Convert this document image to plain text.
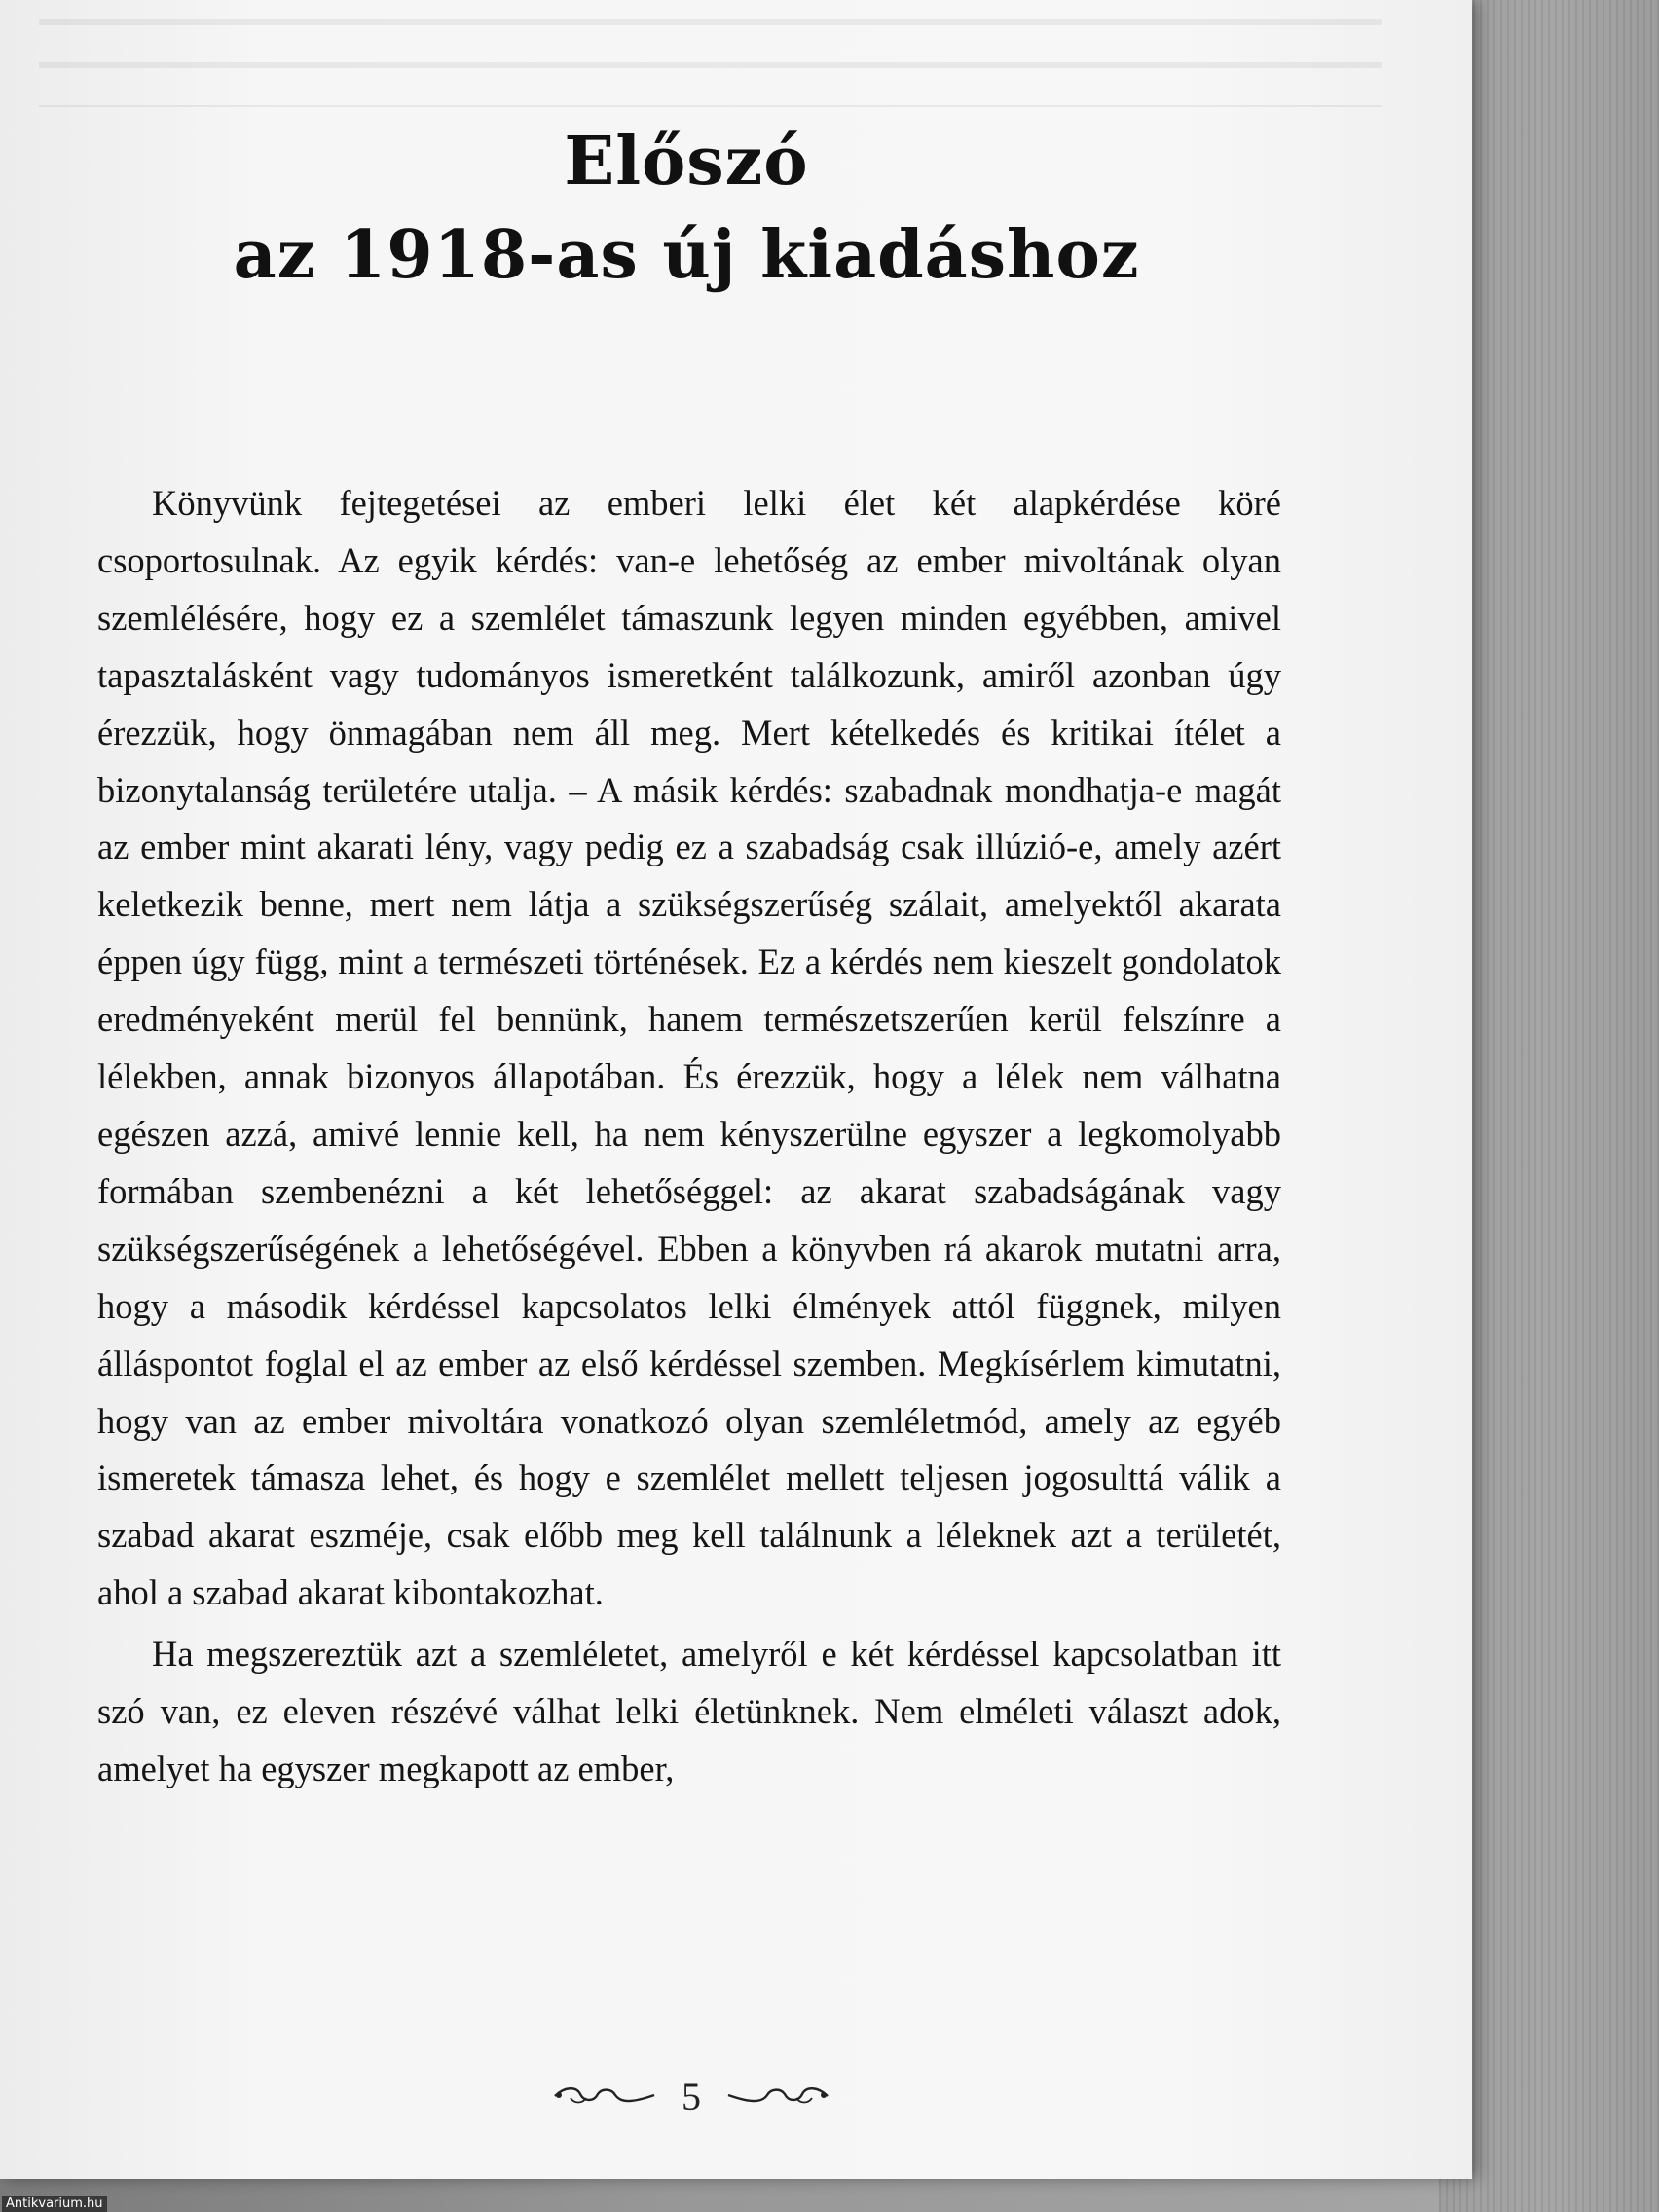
Előszó
az 1918-as új kiadáshoz

Könyvünk fejtegetései az emberi lelki élet két alapkérdése köré csoportosulnak. Az egyik kérdés: van-e lehetőség az ember mivoltának olyan szemlélésére, hogy ez a szemlélet támaszunk legyen minden egyébben, amivel tapasztalásként vagy tudományos ismeretként találkozunk, amiről azonban úgy érezzük, hogy önmagában nem áll meg. Mert kételkedés és kritikai ítélet a bizonytalanság területére utalja. – A másik kérdés: szabadnak mondhatja-e magát az ember mint akarati lény, vagy pedig ez a szabadság csak illúzió-e, amely azért keletkezik benne, mert nem látja a szükségszerűség szálait, amelyektől akarata éppen úgy függ, mint a természeti történések. Ez a kérdés nem kieszelt gondolatok eredményeként merül fel bennünk, hanem természetszerűen kerül felszínre a lélekben, annak bizonyos állapotában. És érezzük, hogy a lélek nem válhatna egészen azzá, amivé lennie kell, ha nem kényszerülne egyszer a legkomolyabb formában szembenézni a két lehetőséggel: az akarat szabadságának vagy szükségszerűségének a lehetőségével. Ebben a könyvben rá akarok mutatni arra, hogy a második kérdéssel kapcsolatos lelki élmények attól függnek, milyen álláspontot foglal el az ember az első kérdéssel szemben. Megkísérlem kimutatni, hogy van az ember mivoltára vonatkozó olyan szemléletmód, amely az egyéb ismeretek támasza lehet, és hogy e szemlélet mellett teljesen jogosulttá válik a szabad akarat eszméje, csak előbb meg kell találnunk a léleknek azt a területét, ahol a szabad akarat kibontakozhat.

Ha megszereztük azt a szemléletet, amelyről e két kérdéssel kapcsolatban itt szó van, ez eleven részévé válhat lelki életünknek. Nem elméleti választ adok, amelyet ha egyszer megkapott az ember,

5
Antikvarium.hu
